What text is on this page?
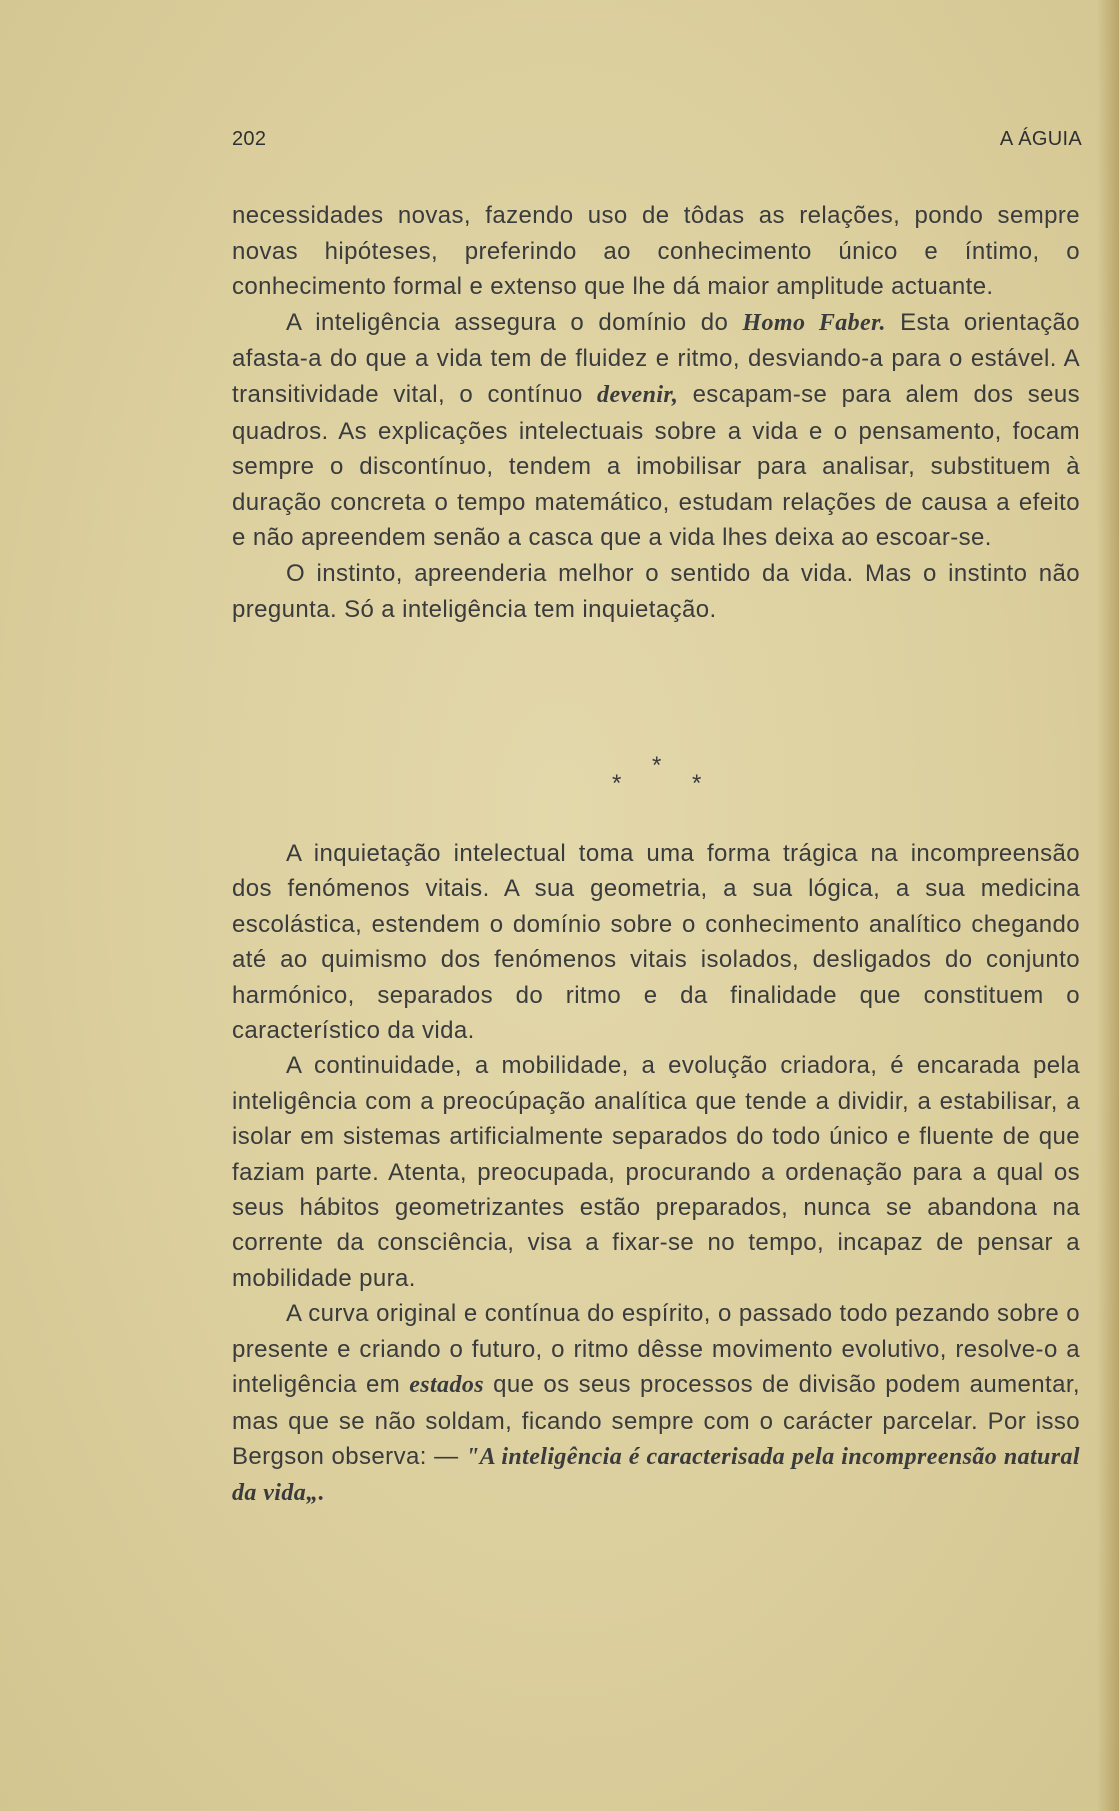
202	A ÁGUIA

necessidades novas, fazendo uso de tôdas as relações, pondo sempre novas hipóteses, preferindo ao conhecimento único e íntimo, o conhecimento formal e extenso que lhe dá maior amplitude actuante.

A inteligência assegura o domínio do Homo Faber. Esta orientação afasta-a do que a vida tem de fluidez e ritmo, desviando-a para o estável. A transitividade vital, o contínuo devenir, escapam-se para alem dos seus quadros. As explicações intelectuais sobre a vida e o pensamento, focam sempre o discontínuo, tendem a imobilisar para analisar, substituem à duração concreta o tempo matemático, estudam relações de causa a efeito e não apreendem senão a casca que a vida lhes deixa ao escoar-se.

O instinto, apreenderia melhor o sentido da vida. Mas o instinto não pregunta. Só a inteligência tem inquietação.

*
*	*

A inquietação intelectual toma uma forma trágica na incompreensão dos fenómenos vitais. A sua geometria, a sua lógica, a sua medicina escolástica, estendem o domínio sobre o conhecimento analítico chegando até ao quimismo dos fenómenos vitais isolados, desligados do conjunto harmónico, separados do ritmo e da finalidade que constituem o característico da vida.

A continuidade, a mobilidade, a evolução criadora, é encarada pela inteligência com a preocúpação analítica que tende a dividir, a estabilisar, a isolar em sistemas artificialmente separados do todo único e fluente de que faziam parte. Atenta, preocupada, procurando a ordenação para a qual os seus hábitos geometrizantes estão preparados, nunca se abandona na corrente da consciência, visa a fixar-se no tempo, incapaz de pensar a mobilidade pura.

A curva original e contínua do espírito, o passado todo pezando sobre o presente e criando o futuro, o ritmo dêsse movimento evolutivo, resolve-o a inteligência em estados que os seus processos de divisão podem aumentar, mas que se não soldam, ficando sempre com o carácter parcelar. Por isso Bergson observa: — "A inteligência é caracterisada pela incompreensão natural da vida„.
